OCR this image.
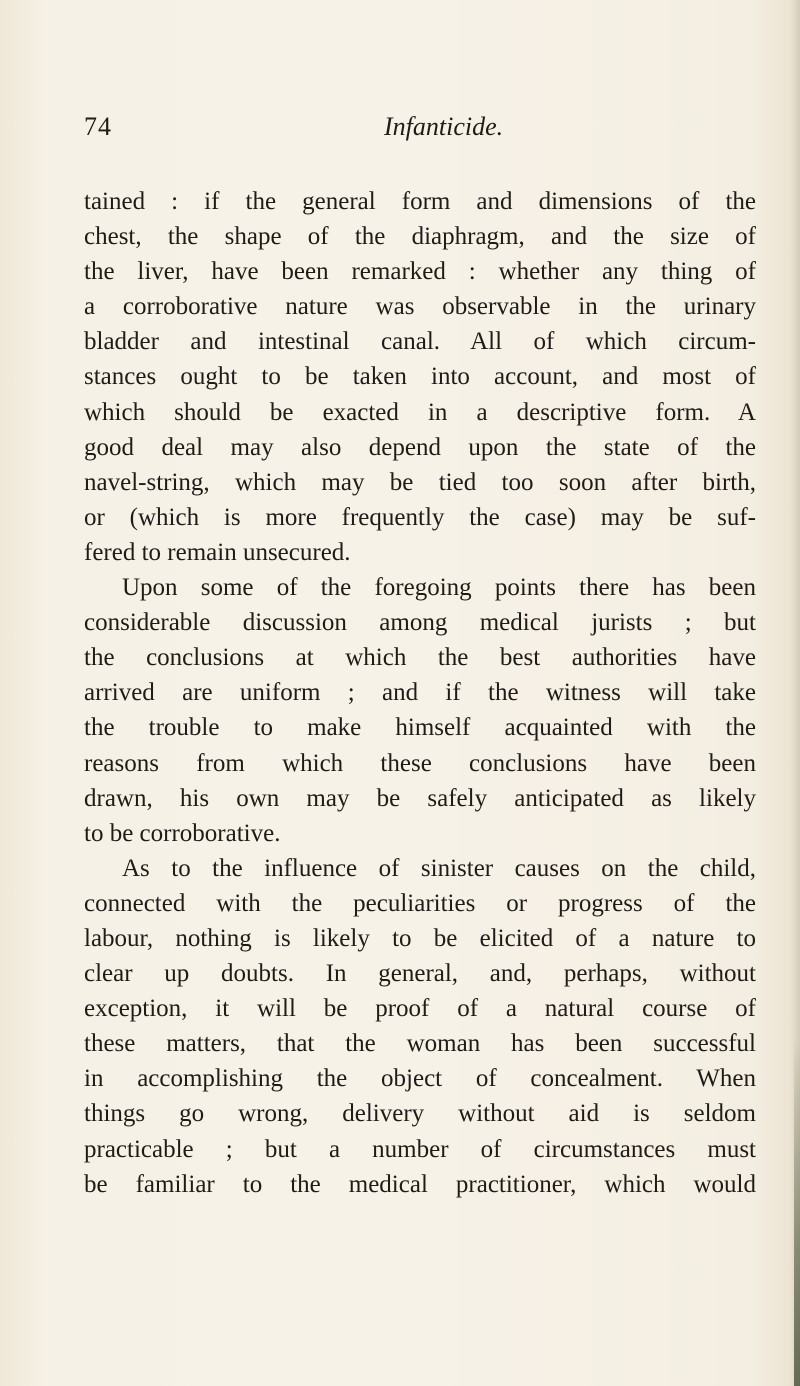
74	Infanticide.
tained : if the general form and dimensions of the
chest, the shape of the diaphragm, and the size of
the liver, have been remarked : whether any thing of
a corroborative nature was observable in the urinary
bladder and intestinal canal. All of which circum-
stances ought to be taken into account, and most of
which should be exacted in a descriptive form. A
good deal may also depend upon the state of the
navel-string, which may be tied too soon after birth,
or (which is more frequently the case) may be suf-
fered to remain unsecured.
Upon some of the foregoing points there has been
considerable discussion among medical jurists ; but
the conclusions at which the best authorities have
arrived are uniform ; and if the witness will take
the trouble to make himself acquainted with the
reasons from which these conclusions have been
drawn, his own may be safely anticipated as likely
to be corroborative.
As to the influence of sinister causes on the child,
connected with the peculiarities or progress of the
labour, nothing is likely to be elicited of a nature to
clear up doubts. In general, and, perhaps, without
exception, it will be proof of a natural course of
these matters, that the woman has been successful
in accomplishing the object of concealment. When
things go wrong, delivery without aid is seldom
practicable ; but a number of circumstances must
be familiar to the medical practitioner, which would
